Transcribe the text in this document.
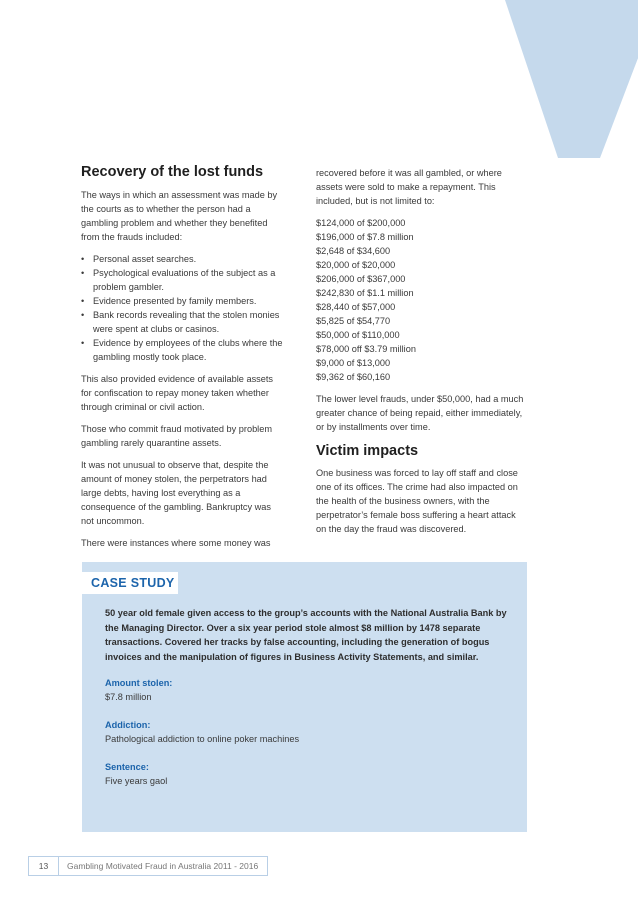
Recovery of the lost funds

The ways in which an assessment was made by the courts as to whether the person had a gambling problem and whether they benefited from the frauds included:

• Personal asset searches.
• Psychological evaluations of the subject as a problem gambler.
• Evidence presented by family members.
• Bank records revealing that the stolen monies were spent at clubs or casinos.
• Evidence by employees of the clubs where the gambling mostly took place.

This also provided evidence of available assets for confiscation to repay money taken whether through criminal or civil action.

Those who commit fraud motivated by problem gambling rarely quarantine assets.

It was not unusual to observe that, despite the amount of money stolen, the perpetrators had large debts, having lost everything as a consequence of the gambling. Bankruptcy was not uncommon.

There were instances where some money was

recovered before it was all gambled, or where assets were sold to make a repayment. This included, but is not limited to:

$124,000 of $200,000
$196,000 of $7.8 million
$2,648 of $34,600
$20,000 of $20,000
$206,000 of $367,000
$242,830 of $1.1 million
$28,440 of $57,000
$5,825 of $54,770
$50,000 of $110,000
$78,000 off $3.79 million
$9,000 of $13,000
$9,362 of $60,160

The lower level frauds, under $50,000, had a much greater chance of being repaid, either immediately, or by installments over time.

Victim impacts

One business was forced to lay off staff and close one of its offices. The crime had also impacted on the health of the business owners, with the perpetrator’s female boss suffering a heart attack on the day the fraud was discovered.

CASE STUDY

50 year old female given access to the group’s accounts with the National Australia Bank by the Managing Director. Over a six year period stole almost $8 million by 1478 separate transactions. Covered her tracks by false accounting, including the generation of bogus invoices and the manipulation of figures in Business Activity Statements, and similar.

Amount stolen:
$7.8 million
Addiction:
Pathological addiction to online poker machines
Sentence:
Five years gaol
13	Gambling Motivated Fraud in Australia 2011 - 2016
